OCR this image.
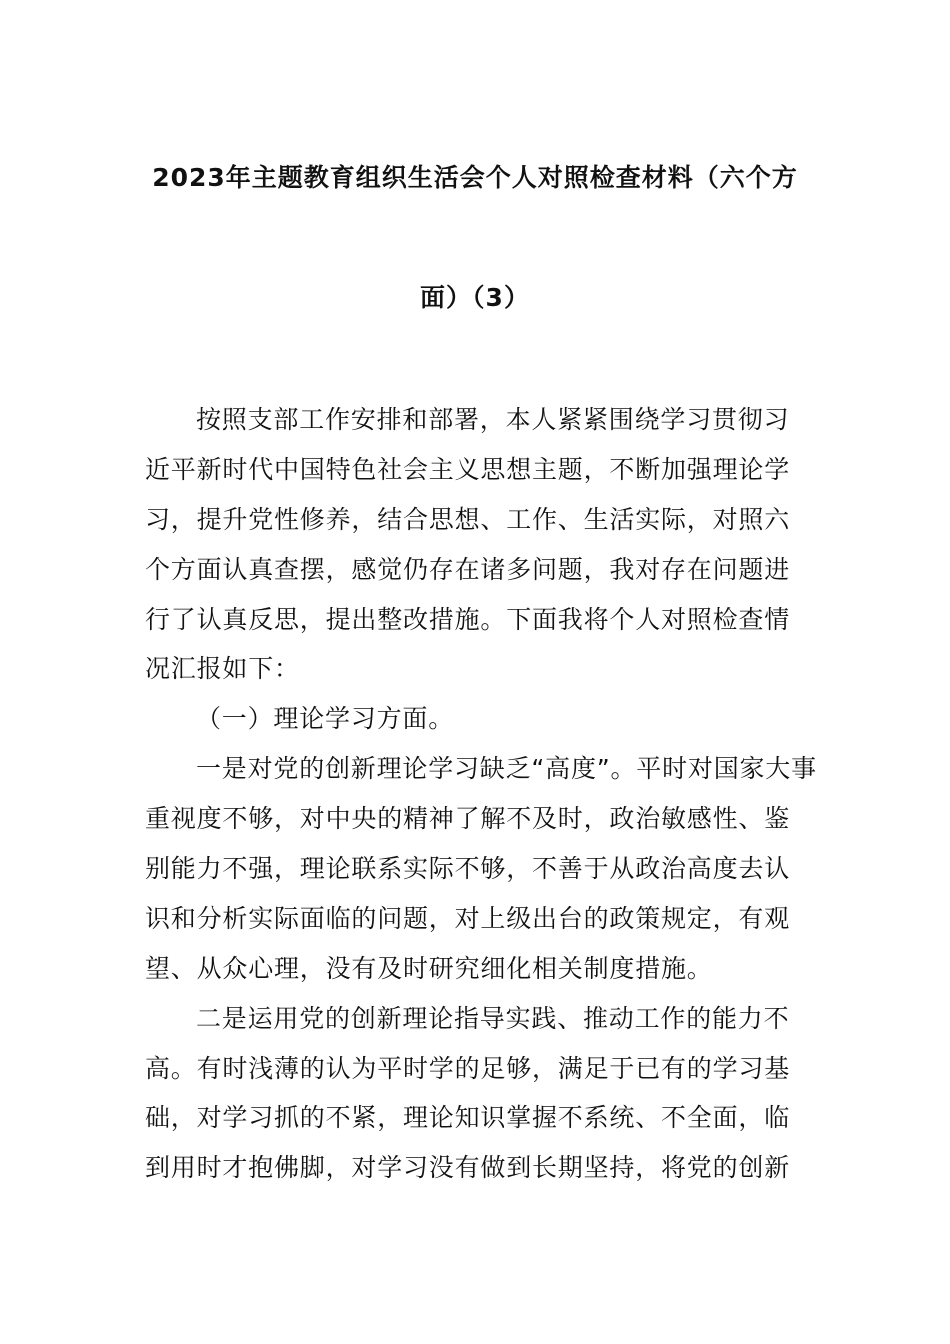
2023年主题教育组织生活会个人对照检查材料（六个方
面）（3）
按照支部工作安排和部署，本人紧紧围绕学习贯彻习
近平新时代中国特色社会主义思想主题，不断加强理论学
习，提升党性修养，结合思想、工作、生活实际，对照六
个方面认真查摆，感觉仍存在诸多问题，我对存在问题进
行了认真反思，提出整改措施。下面我将个人对照检查情
况汇报如下：
（一）理论学习方面。
一是对党的创新理论学习缺乏“高度”。平时对国家大事
重视度不够，对中央的精神了解不及时，政治敏感性、鉴
别能力不强，理论联系实际不够，不善于从政治高度去认
识和分析实际面临的问题，对上级出台的政策规定，有观
望、从众心理，没有及时研究细化相关制度措施。
二是运用党的创新理论指导实践、推动工作的能力不
高。有时浅薄的认为平时学的足够，满足于已有的学习基
础，对学习抓的不紧，理论知识掌握不系统、不全面，临
到用时才抱佛脚，对学习没有做到长期坚持，将党的创新
